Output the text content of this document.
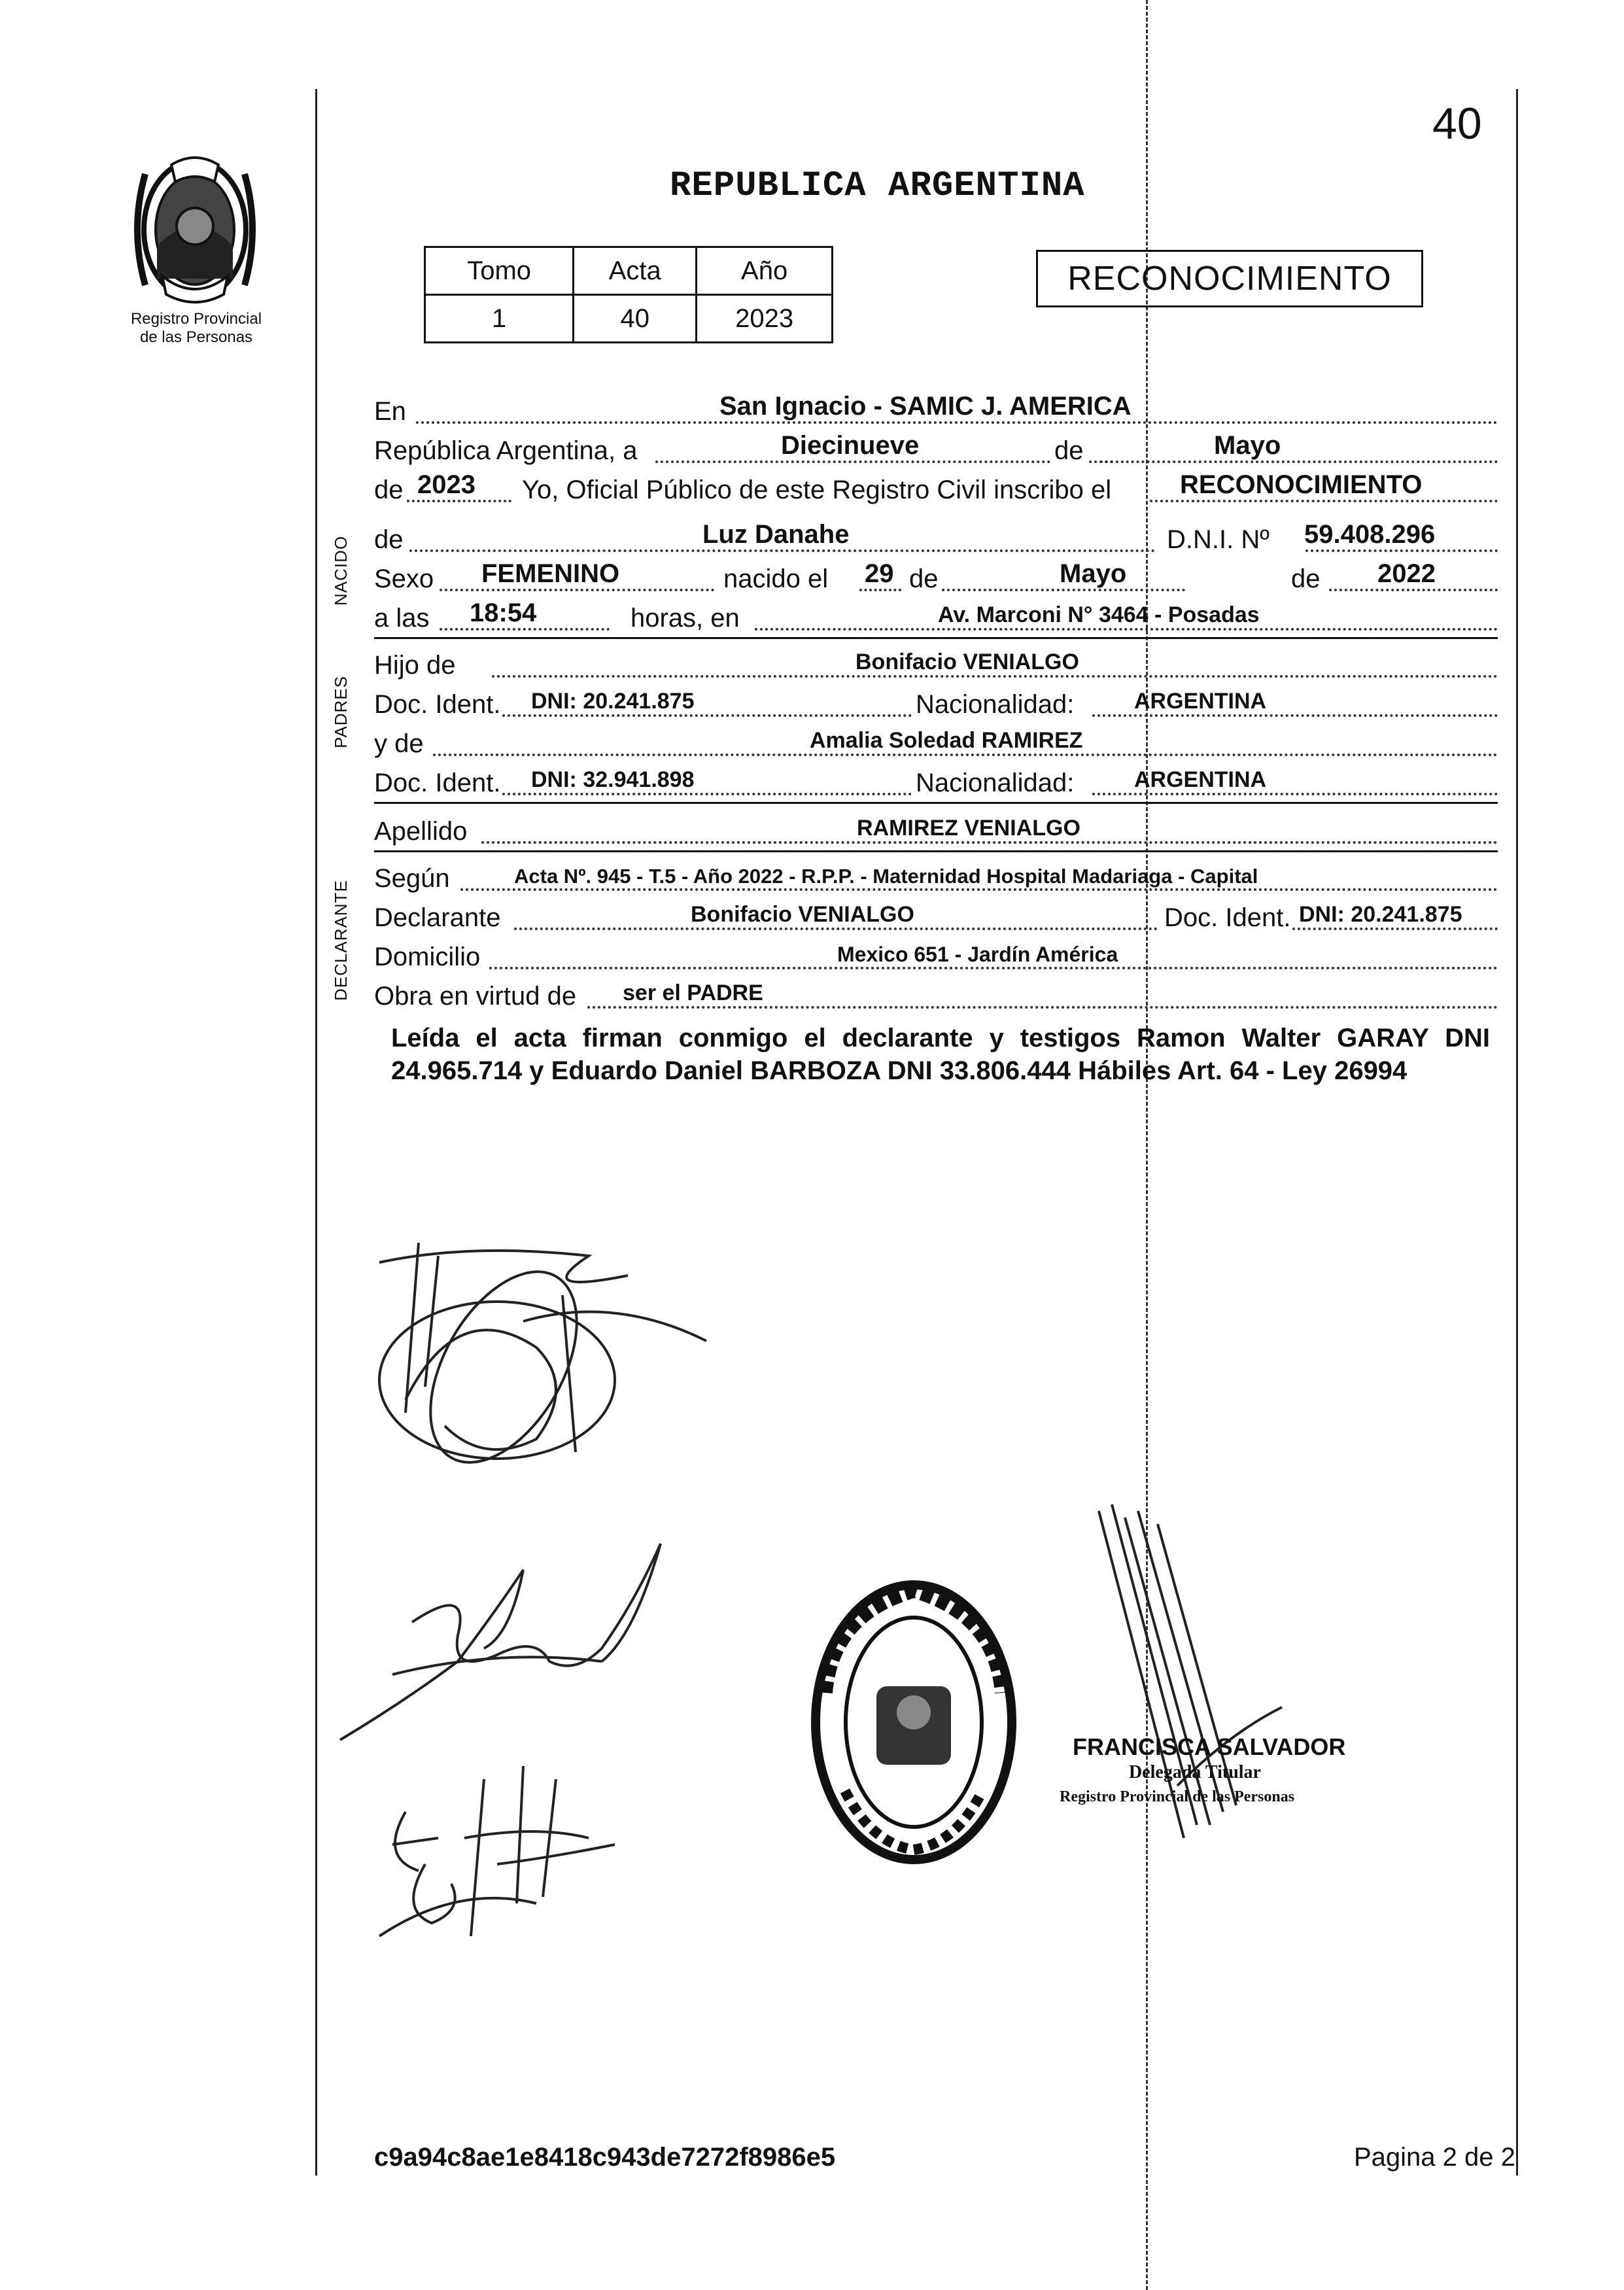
40
Registro Provincial
de las Personas
REPUBLICA ARGENTINA
Tomo	Acta	Año
1	40	2023
RECONOCIMIENTO
NACIDO
PADRES
DECLARANTE
En	San Ignacio - SAMIC J. AMERICA
República Argentina, a	Diecinueve	de	Mayo
de 2023 Yo, Oficial Público de este Registro Civil inscribo el	RECONOCIMIENTO
de	Luz Danahe	D.N.I. Nº 59.408.296
Sexo FEMENINO	nacido el 29 de	Mayo	de 2022
a las 18:54	horas, en	Av. Marconi N° 3464 - Posadas
Hijo de	Bonifacio VENIALGO
Doc. Ident. DNI: 20.241.875	Nacionalidad:	ARGENTINA
y de	Amalia Soledad RAMIREZ
Doc. Ident. DNI: 32.941.898	Nacionalidad:	ARGENTINA
Apellido	RAMIREZ VENIALGO
Según	Acta Nº. 945 - T.5 - Año 2022 - R.P.P. - Maternidad Hospital Madariaga - Capital
Declarante	Bonifacio VENIALGO	Doc. Ident. DNI: 20.241.875
Domicilio	Mexico 651 - Jardín América
Obra en virtud de ser el PADRE
Leída el acta firman conmigo el declarante y testigos Ramon Walter GARAY DNI 24.965.714 y Eduardo Daniel BARBOZA DNI 33.806.444 Hábiles Art. 64 - Ley 26994
FRANCISCA SALVADOR
Delegada Titular
Registro Provincial de las Personas
c9a94c8ae1e8418c943de7272f8986e5	Pagina 2 de 2
